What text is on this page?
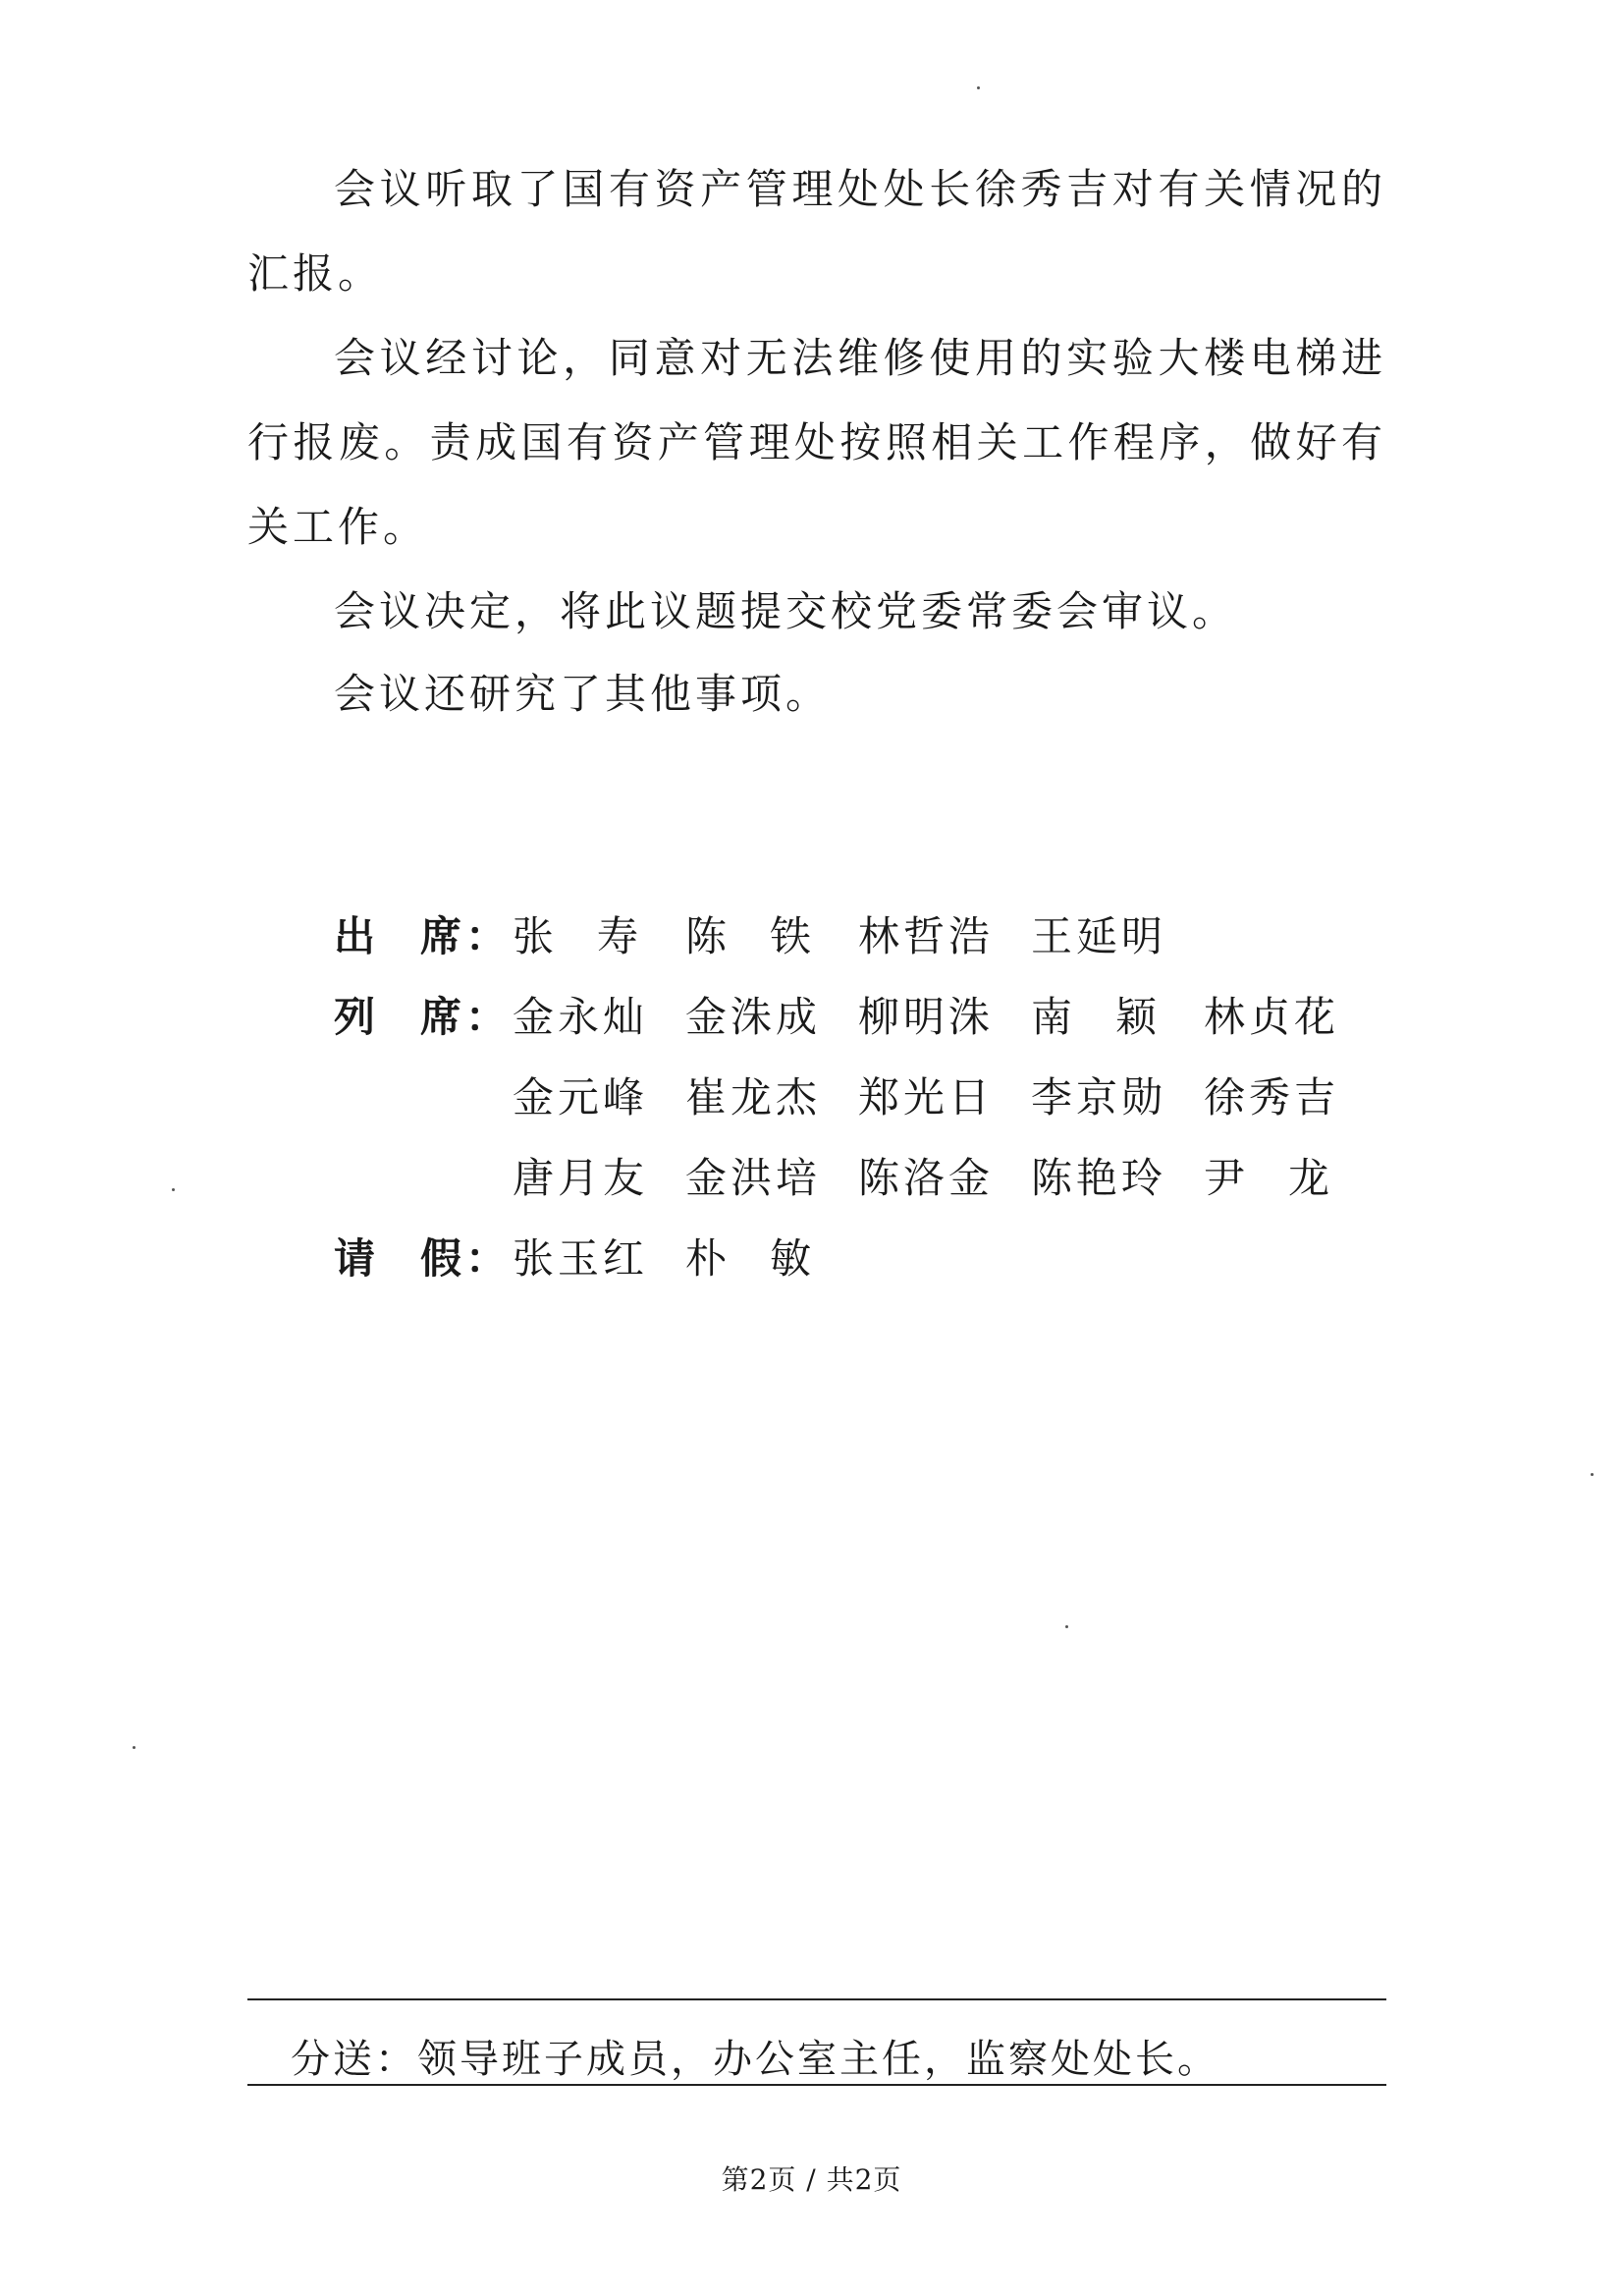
会议听取了国有资产管理处处长徐秀吉对有关情况的汇报。

会议经讨论，同意对无法维修使用的实验大楼电梯进行报废。责成国有资产管理处按照相关工作程序，做好有关工作。

会议决定，将此议题提交校党委常委会审议。

会议还研究了其他事项。

出 席 ： 张寿 陈铁 林哲浩 王延明
列 席 ： 金永灿 金洙成 柳明洙 南颖 林贞花
金元峰 崔龙杰 郑光日 李京勋 徐秀吉
唐月友 金洪培 陈洛金 陈艳玲 尹龙
请 假 ： 张玉红 朴敏
分送：领导班子成员，办公室主任，监察处处长。
第2页 / 共2页
